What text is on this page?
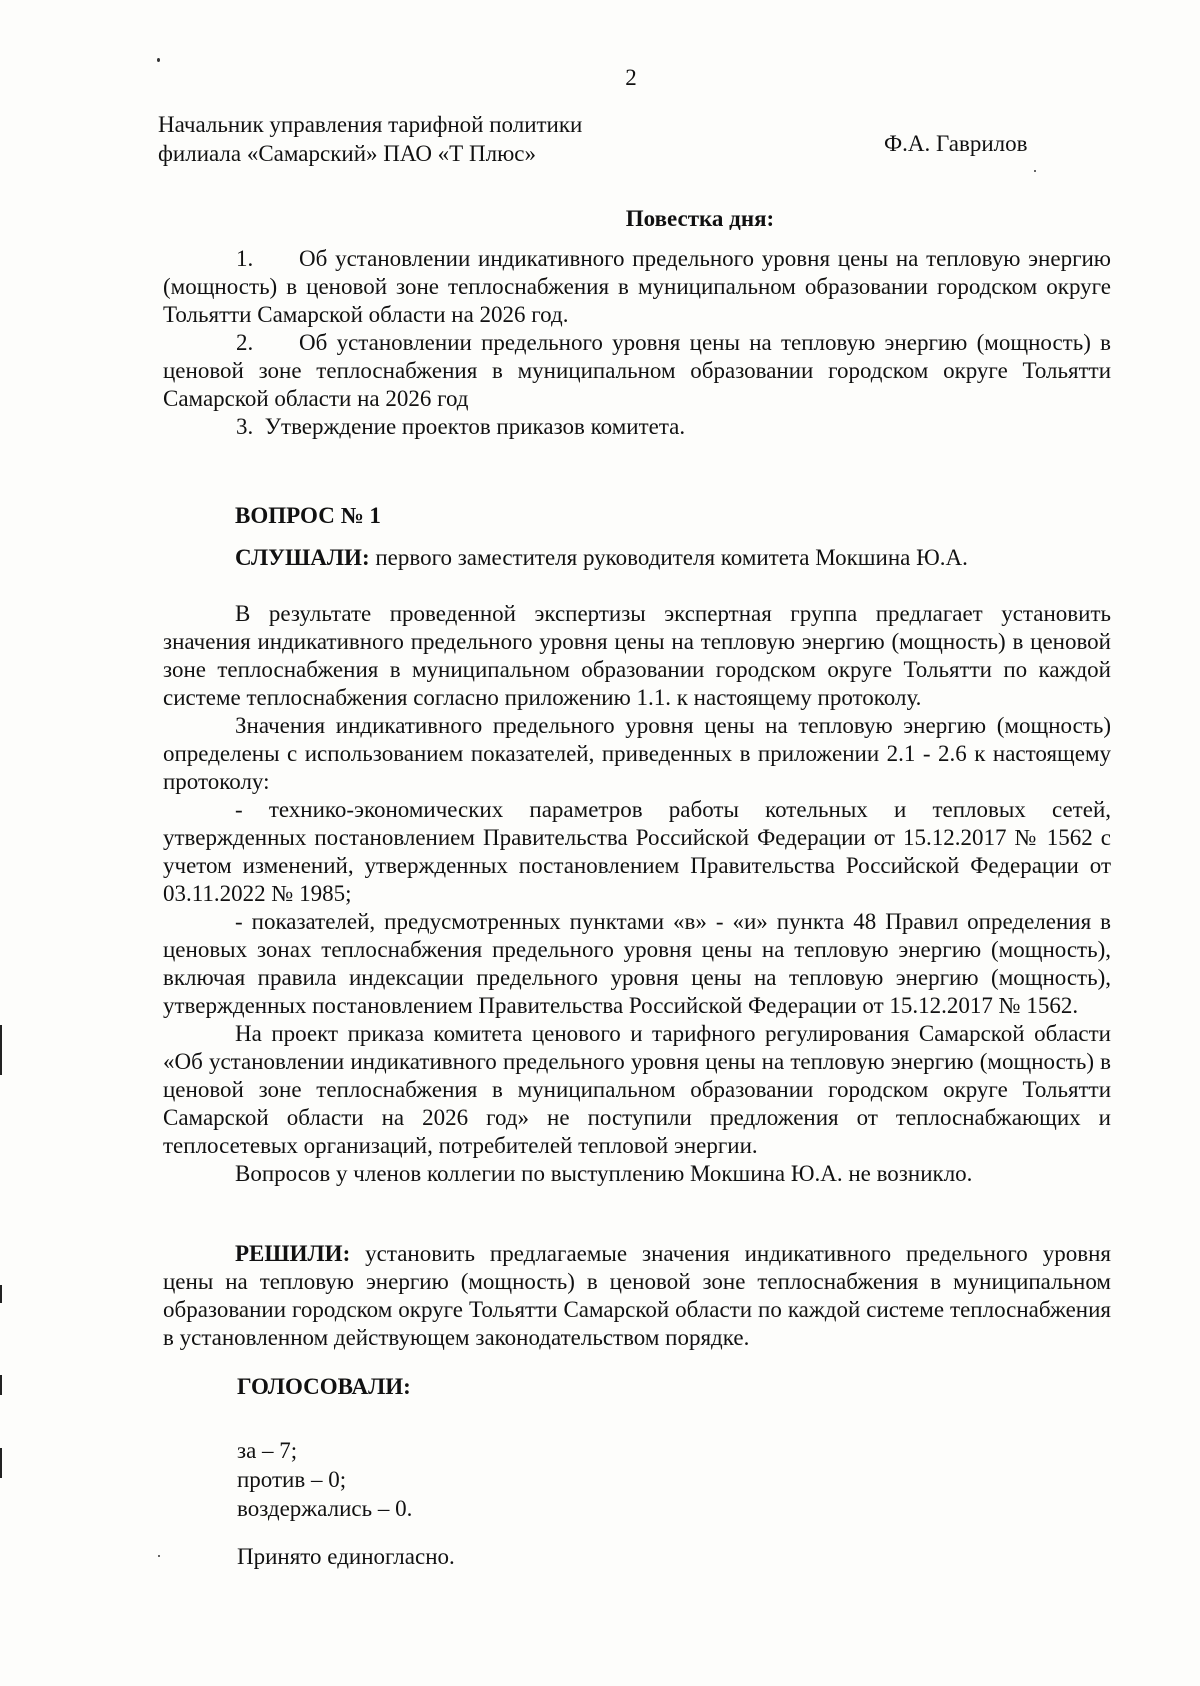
2
Начальник управления тарифной политики
филиала «Самарский» ПАО «Т Плюс»	Ф.А. Гаврилов
Повестка дня:

1. Об установлении индикативного предельного уровня цены на тепловую энергию (мощность) в ценовой зоне теплоснабжения в муниципальном образовании городском округе Тольятти Самарской области на 2026 год.

2. Об установлении предельного уровня цены на тепловую энергию (мощность) в ценовой зоне теплоснабжения в муниципальном образовании городском округе Тольятти Самарской области на 2026 год

3. Утверждение проектов приказов комитета.

ВОПРОС № 1
СЛУШАЛИ: первого заместителя руководителя комитета Мокшина Ю.А.

В результате проведенной экспертизы экспертная группа предлагает установить значения индикативного предельного уровня цены на тепловую энергию (мощность) в ценовой зоне теплоснабжения в муниципальном образовании городском округе Тольятти по каждой системе теплоснабжения согласно приложению 1.1. к настоящему протоколу.

Значения индикативного предельного уровня цены на тепловую энергию (мощность) определены с использованием показателей, приведенных в приложении 2.1 - 2.6 к настоящему протоколу:

- технико-экономических параметров работы котельных и тепловых сетей, утвержденных постановлением Правительства Российской Федерации от 15.12.2017 № 1562 с учетом изменений, утвержденных постановлением Правительства Российской Федерации от 03.11.2022 № 1985;

- показателей, предусмотренных пунктами «в» - «и» пункта 48 Правил определения в ценовых зонах теплоснабжения предельного уровня цены на тепловую энергию (мощность), включая правила индексации предельного уровня цены на тепловую энергию (мощность), утвержденных постановлением Правительства Российской Федерации от 15.12.2017 № 1562.

На проект приказа комитета ценового и тарифного регулирования Самарской области «Об установлении индикативного предельного уровня цены на тепловую энергию (мощность) в ценовой зоне теплоснабжения в муниципальном образовании городском округе Тольятти Самарской области на 2026 год» не поступили предложения от теплоснабжающих и теплосетевых организаций, потребителей тепловой энергии.

Вопросов у членов коллегии по выступлению Мокшина Ю.А. не возникло.

РЕШИЛИ: установить предлагаемые значения индикативного предельного уровня цены на тепловую энергию (мощность) в ценовой зоне теплоснабжения в муниципальном образовании городском округе Тольятти Самарской области по каждой системе теплоснабжения в установленном действующем законодательством порядке.

ГОЛОСОВАЛИ:
за – 7;
против – 0;
воздержались – 0.
Принято единогласно.
